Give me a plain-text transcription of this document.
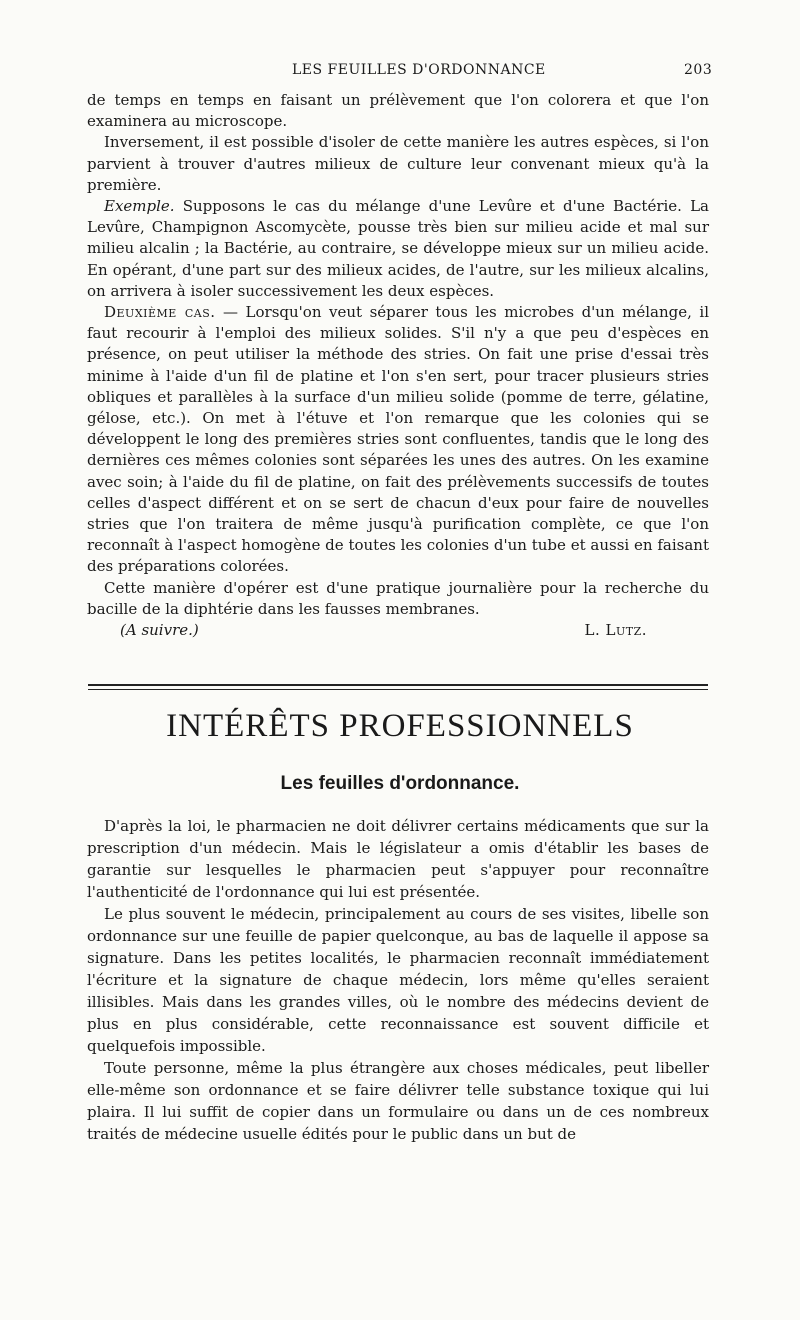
LES FEUILLES D'ORDONNANCE	203

de temps en temps en faisant un prélèvement que l'on colorera et que l'on examinera au microscope.

Inversement, il est possible d'isoler de cette manière les autres espèces, si l'on parvient à trouver d'autres milieux de culture leur convenant mieux qu'à la première.

Exemple. Supposons le cas du mélange d'une Levûre et d'une Bactérie. La Levûre, Champignon Ascomycète, pousse très bien sur milieu acide et mal sur milieu alcalin ; la Bactérie, au contraire, se développe mieux sur un milieu acide. En opérant, d'une part sur des milieux acides, de l'autre, sur les milieux alcalins, on arrivera à isoler successivement les deux espèces.

Deuxième cas. — Lorsqu'on veut séparer tous les microbes d'un mélange, il faut recourir à l'emploi des milieux solides. S'il n'y a que peu d'espèces en présence, on peut utiliser la méthode des stries. On fait une prise d'essai très minime à l'aide d'un fil de platine et l'on s'en sert, pour tracer plusieurs stries obliques et parallèles à la surface d'un milieu solide (pomme de terre, gélatine, gélose, etc.). On met à l'étuve et l'on remarque que les colonies qui se développent le long des premières stries sont confluentes, tandis que le long des dernières ces mêmes colonies sont séparées les unes des autres. On les examine avec soin; à l'aide du fil de platine, on fait des prélèvements successifs de toutes celles d'aspect différent et on se sert de chacun d'eux pour faire de nouvelles stries que l'on traitera de même jusqu'à purification complète, ce que l'on reconnaît à l'aspect homogène de toutes les colonies d'un tube et aussi en faisant des préparations colorées.

Cette manière d'opérer est d'une pratique journalière pour la recherche du bacille de la diphtérie dans les fausses membranes.

(A suivre.)	L. Lutz.
INTÉRÊTS PROFESSIONNELS
Les feuilles d'ordonnance.

D'après la loi, le pharmacien ne doit délivrer certains médicaments que sur la prescription d'un médecin. Mais le législateur a omis d'établir les bases de garantie sur lesquelles le pharmacien peut s'appuyer pour reconnaître l'authenticité de l'ordonnance qui lui est présentée.

Le plus souvent le médecin, principalement au cours de ses visites, libelle son ordonnance sur une feuille de papier quelconque, au bas de laquelle il appose sa signature. Dans les petites localités, le pharmacien reconnaît immédiatement l'écriture et la signature de chaque médecin, lors même qu'elles seraient illisibles. Mais dans les grandes villes, où le nombre des médecins devient de plus en plus considérable, cette reconnaissance est souvent difficile et quelquefois impossible.

Toute personne, même la plus étrangère aux choses médicales, peut libeller elle-même son ordonnance et se faire délivrer telle substance toxique qui lui plaira. Il lui suffit de copier dans un formulaire ou dans un de ces nombreux traités de médecine usuelle édités pour le public dans un but de
